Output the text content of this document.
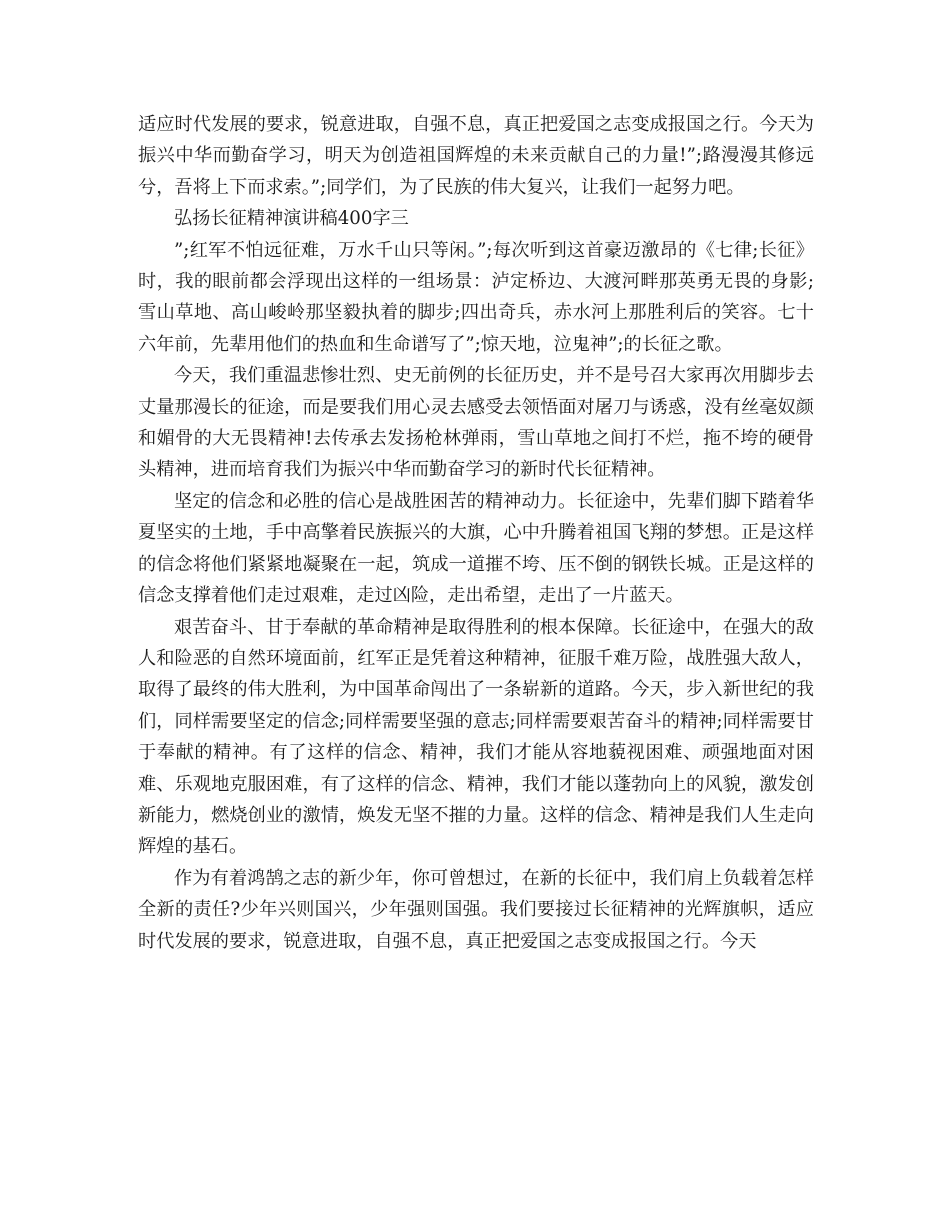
适应时代发展的要求，锐意进取，自强不息，真正把爱国之志变成报国之行。今天为振兴中华而勤奋学习，明天为创造祖国辉煌的未来贡献自己的力量!”;路漫漫其修远兮，吾将上下而求索。”;同学们，为了民族的伟大复兴，让我们一起努力吧。

弘扬长征精神演讲稿400字三

”;红军不怕远征难，万水千山只等闲。”;每次听到这首豪迈激昂的《七律;长征》时，我的眼前都会浮现出这样的一组场景：泸定桥边、大渡河畔那英勇无畏的身影;雪山草地、高山峻岭那坚毅执着的脚步;四出奇兵，赤水河上那胜利后的笑容。七十六年前，先辈用他们的热血和生命谱写了”;惊天地，泣鬼神”;的长征之歌。

今天，我们重温悲惨壮烈、史无前例的长征历史，并不是号召大家再次用脚步去丈量那漫长的征途，而是要我们用心灵去感受去领悟面对屠刀与诱惑，没有丝毫奴颜和媚骨的大无畏精神!去传承去发扬枪林弹雨，雪山草地之间打不烂，拖不垮的硬骨头精神，进而培育我们为振兴中华而勤奋学习的新时代长征精神。

坚定的信念和必胜的信心是战胜困苦的精神动力。长征途中，先辈们脚下踏着华夏坚实的土地，手中高擎着民族振兴的大旗，心中升腾着祖国飞翔的梦想。正是这样的信念将他们紧紧地凝聚在一起，筑成一道摧不垮、压不倒的钢铁长城。正是这样的信念支撑着他们走过艰难，走过凶险，走出希望，走出了一片蓝天。

艰苦奋斗、甘于奉献的革命精神是取得胜利的根本保障。长征途中，在强大的敌人和险恶的自然环境面前，红军正是凭着这种精神，征服千难万险，战胜强大敌人，取得了最终的伟大胜利，为中国革命闯出了一条崭新的道路。今天，步入新世纪的我们，同样需要坚定的信念;同样需要坚强的意志;同样需要艰苦奋斗的精神;同样需要甘于奉献的精神。有了这样的信念、精神，我们才能从容地藐视困难、顽强地面对困难、乐观地克服困难，有了这样的信念、精神，我们才能以蓬勃向上的风貌，激发创新能力，燃烧创业的激情，焕发无坚不摧的力量。这样的信念、精神是我们人生走向辉煌的基石。

作为有着鸿鹄之志的新少年，你可曾想过，在新的长征中，我们肩上负载着怎样全新的责任?少年兴则国兴，少年强则国强。我们要接过长征精神的光辉旗帜，适应时代发展的要求，锐意进取，自强不息，真正把爱国之志变成报国之行。今天
